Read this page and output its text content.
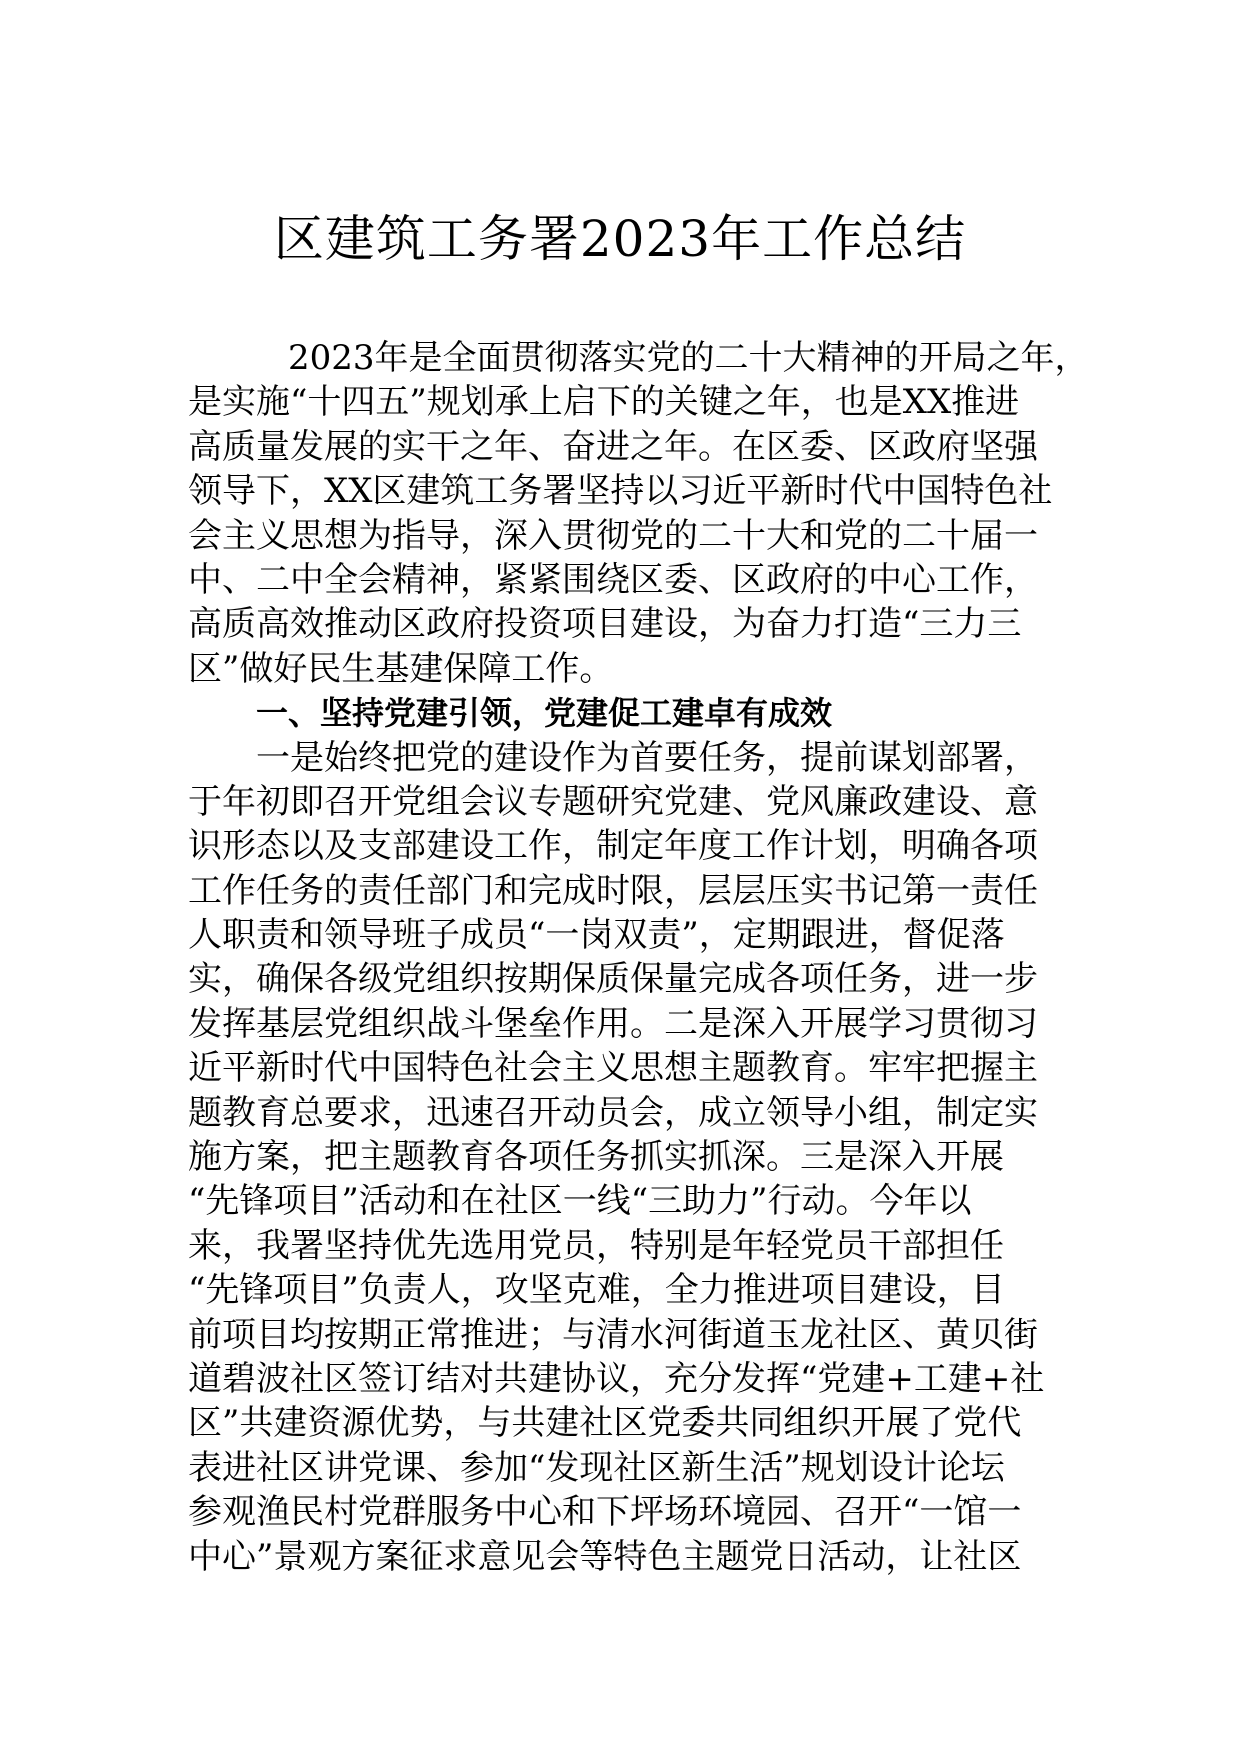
区建筑工务署2023年工作总结
2023年是全面贯彻落实党的二十大精神的开局之年，
是实施“十四五”规划承上启下的关键之年，也是XX推进
高质量发展的实干之年、奋进之年。在区委、区政府坚强
领导下，XX区建筑工务署坚持以习近平新时代中国特色社
会主义思想为指导，深入贯彻党的二十大和党的二十届一
中、二中全会精神，紧紧围绕区委、区政府的中心工作，
高质高效推动区政府投资项目建设，为奋力打造“三力三
区”做好民生基建保障工作。
一、坚持党建引领，党建促工建卓有成效
一是始终把党的建设作为首要任务，提前谋划部署，
于年初即召开党组会议专题研究党建、党风廉政建设、意
识形态以及支部建设工作，制定年度工作计划，明确各项
工作任务的责任部门和完成时限，层层压实书记第一责任
人职责和领导班子成员“一岗双责”，定期跟进，督促落
实，确保各级党组织按期保质保量完成各项任务，进一步
发挥基层党组织战斗堡垒作用。二是深入开展学习贯彻习
近平新时代中国特色社会主义思想主题教育。牢牢把握主
题教育总要求，迅速召开动员会，成立领导小组，制定实
施方案，把主题教育各项任务抓实抓深。三是深入开展
“先锋项目”活动和在社区一线“三助力”行动。今年以
来，我署坚持优先选用党员，特别是年轻党员干部担任
“先锋项目”负责人，攻坚克难，全力推进项目建设，目
前项目均按期正常推进；与清水河街道玉龙社区、黄贝街
道碧波社区签订结对共建协议，充分发挥“党建+工建+社
区”共建资源优势，与共建社区党委共同组织开展了党代
表进社区讲党课、参加“发现社区新生活”规划设计论坛
参观渔民村党群服务中心和下坪场环境园、召开“一馆一
中心”景观方案征求意见会等特色主题党日活动，让社区
